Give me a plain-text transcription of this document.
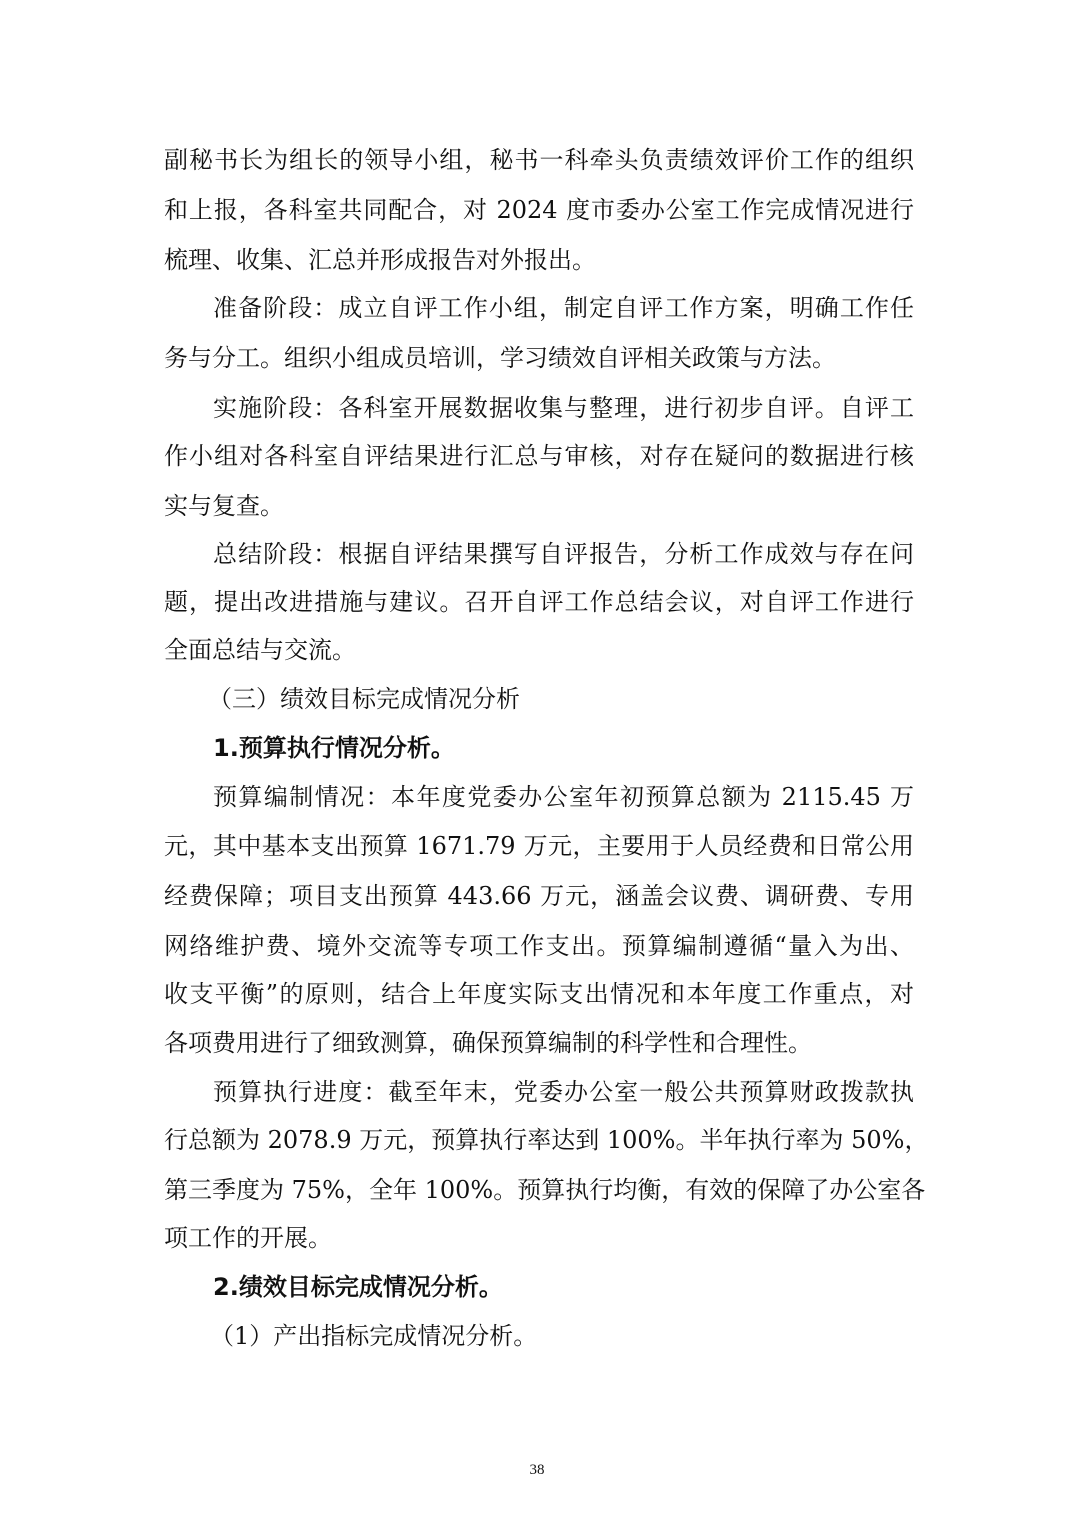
副秘书长为组长的领导小组，秘书一科牵头负责绩效评价工作的组织
和上报，各科室共同配合，对 2024 度市委办公室工作完成情况进行
梳理、收集、汇总并形成报告对外报出。
准备阶段：成立自评工作小组，制定自评工作方案，明确工作任
务与分工。组织小组成员培训，学习绩效自评相关政策与方法。
实施阶段：各科室开展数据收集与整理，进行初步自评。自评工
作小组对各科室自评结果进行汇总与审核，对存在疑问的数据进行核
实与复查。
总结阶段：根据自评结果撰写自评报告，分析工作成效与存在问
题，提出改进措施与建议。召开自评工作总结会议，对自评工作进行
全面总结与交流。
（三）绩效目标完成情况分析
1.预算执行情况分析。
预算编制情况：本年度党委办公室年初预算总额为 2115.45 万
元，其中基本支出预算 1671.79 万元，主要用于人员经费和日常公用
经费保障；项目支出预算 443.66 万元，涵盖会议费、调研费、专用
网络维护费、境外交流等专项工作支出。预算编制遵循“量入为出、
收支平衡”的原则，结合上年度实际支出情况和本年度工作重点，对
各项费用进行了细致测算，确保预算编制的科学性和合理性。
预算执行进度：截至年末，党委办公室一般公共预算财政拨款执
行总额为 2078.9 万元，预算执行率达到 100%。半年执行率为 50%，
第三季度为 75%，全年 100%。预算执行均衡，有效的保障了办公室各
项工作的开展。
2.绩效目标完成情况分析。
（1）产出指标完成情况分析。
38
